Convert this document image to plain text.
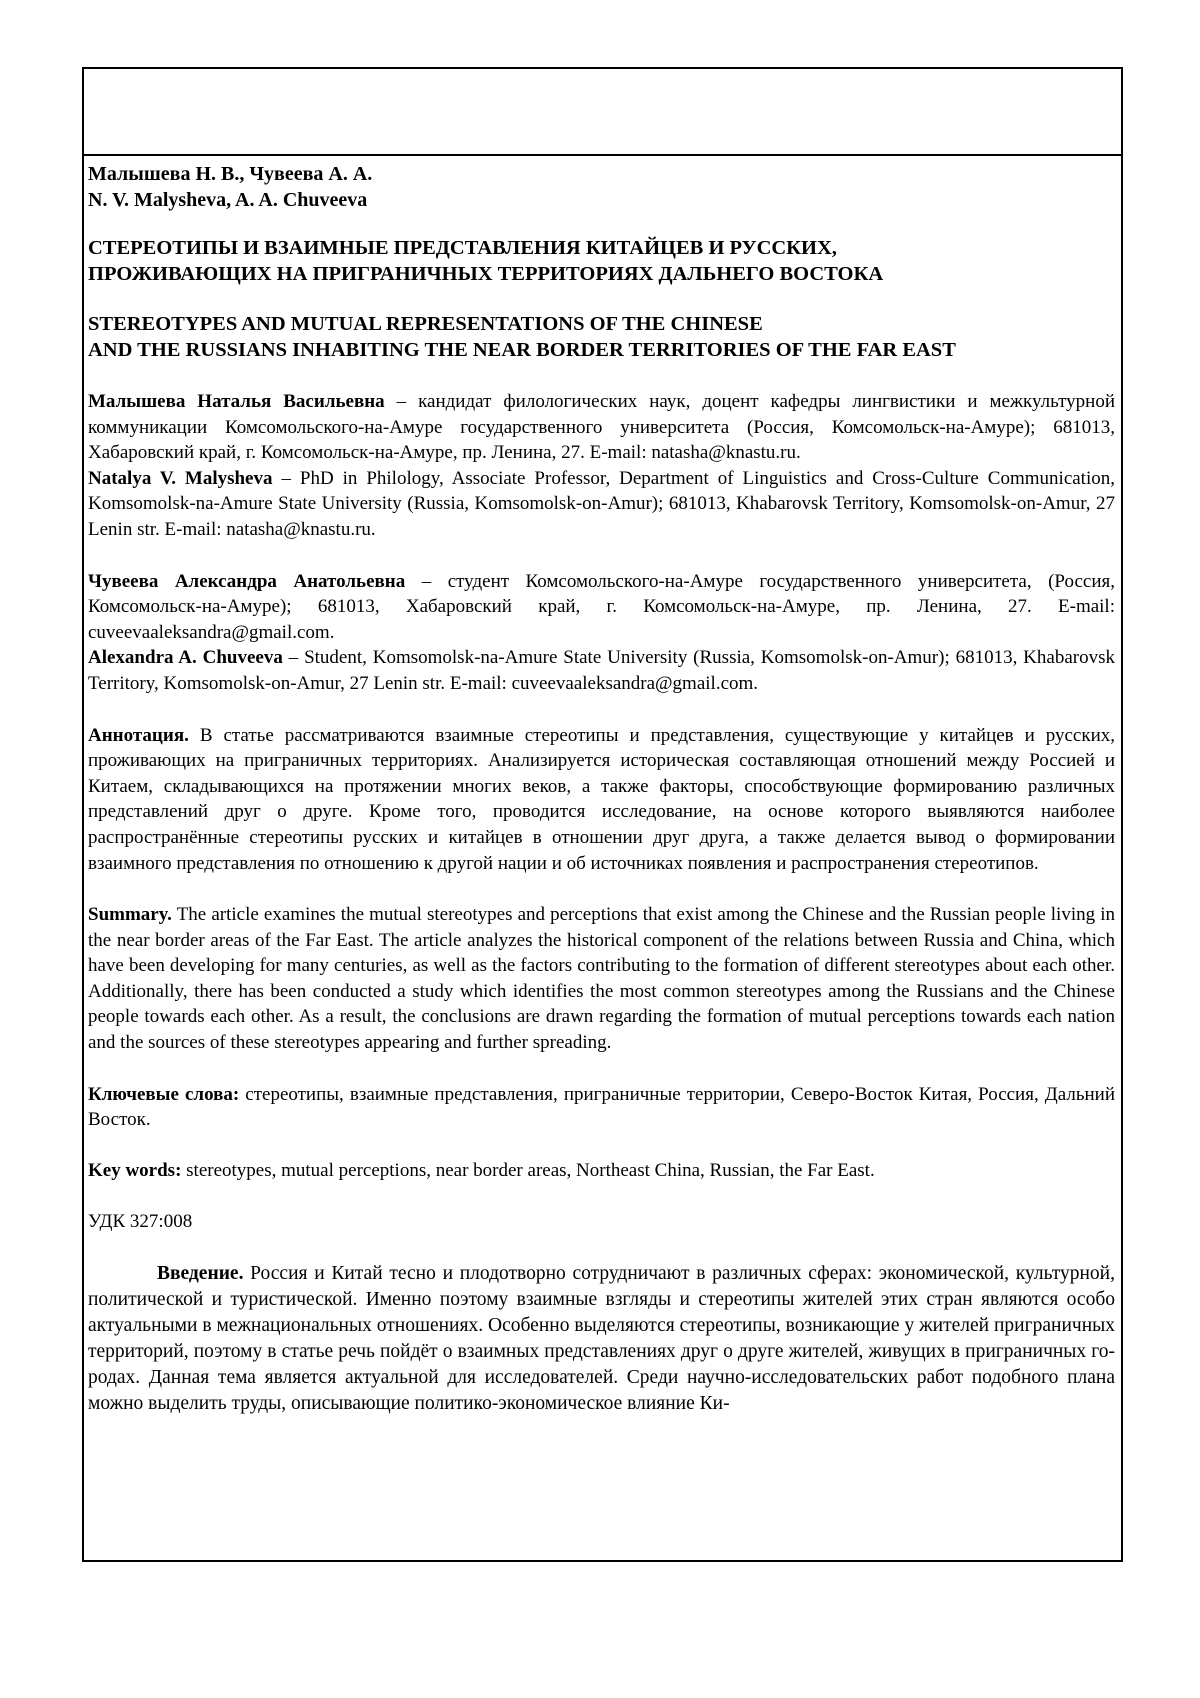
Малышева Н. В., Чувеева А. А.
N. V. Malysheva, A. A. Chuveeva
СТЕРЕОТИПЫ И ВЗАИМНЫЕ ПРЕДСТАВЛЕНИЯ КИТАЙЦЕВ И РУССКИХ,
ПРОЖИВАЮЩИХ НА ПРИГРАНИЧНЫХ ТЕРРИТОРИЯХ ДАЛЬНЕГО ВОСТОКА
STEREOTYPES AND MUTUAL REPRESENTATIONS OF THE CHINESE
AND THE RUSSIANS INHABITING THE NEAR BORDER TERRITORIES OF THE FAR EAST

Малышева Наталья Васильевна – кандидат филологических наук, доцент кафедры лингвистики и межкультурной коммуникации Комсомольского-на-Амуре государственного университета (Россия, Комсомольск-на-Амуре); 681013, Хабаровский край, г. Комсомольск-на-Амуре, пр. Ленина, 27. E-mail: natasha@knastu.ru.

Natalya V. Malysheva – PhD in Philology, Associate Professor, Department of Linguistics and Cross-Culture Communication, Komsomolsk-na-Amure State University (Russia, Komsomolsk-on-Amur); 681013, Khabarovsk Territory, Komsomolsk-on-Amur, 27 Lenin str. E-mail: natasha@knastu.ru.

Чувеева Александра Анатольевна – студент Комсомольского-на-Амуре государственного университета, (Россия, Комсомольск-на-Амуре); 681013, Хабаровский край, г. Комсомольск-на-Амуре, пр. Ленина, 27. E-mail: cuveevaaleksandra@gmail.com.

Alexandra A. Chuveeva – Student, Komsomolsk-na-Amure State University (Russia, Komsomolsk-on-Amur); 681013, Khabarovsk Territory, Komsomolsk-on-Amur, 27 Lenin str. E-mail: cuveevaaleksandra@gmail.com.

Аннотация. В статье рассматриваются взаимные стереотипы и представления, существующие у китайцев и русских, проживающих на приграничных территориях. Анализируется историческая составляющая отношений между Россией и Китаем, складывающихся на протяжении многих веков, а также факторы, способствующие формированию различных представлений друг о друге. Кроме того, проводится исследование, на основе которого выявляются наиболее распространённые стереотипы русских и китайцев в отношении друг друга, а также делается вывод о формировании взаимного представления по отношению к другой нации и об источниках появления и распространения стереотипов.

Summary. The article examines the mutual stereotypes and perceptions that exist among the Chinese and the Russian people living in the near border areas of the Far East. The article analyzes the historical component of the relations between Russia and China, which have been developing for many centuries, as well as the factors contributing to the formation of different stereotypes about each other. Additionally, there has been conducted a study which identifies the most common stereotypes among the Russians and the Chinese people towards each other. As a result, the conclusions are drawn regarding the formation of mutual perceptions towards each nation and the sources of these stereotypes appearing and further spreading.

Ключевые слова: стереотипы, взаимные представления, приграничные территории, Северо-Восток Китая, Россия, Дальний Восток.

Key words: stereotypes, mutual perceptions, near border areas, Northeast China, Russian, the Far East.

УДК 327:008

Введение. Россия и Китай тесно и плодотворно сотрудничают в различных сферах: экономической, культурной, политической и туристической. Именно поэтому взаимные взгляды и стереотипы жителей этих стран являются особо актуальными в межнациональных отношениях. Особенно выделяются стереотипы, возникающие у жителей приграничных территорий, поэтому в статье речь пойдёт о взаимных представлениях друг о друге жителей, живущих в приграничных городах. Данная тема является актуальной для исследователей. Среди научно-исследовательских работ подобного плана можно выделить труды, описывающие политико-экономическое влияние Ки-
